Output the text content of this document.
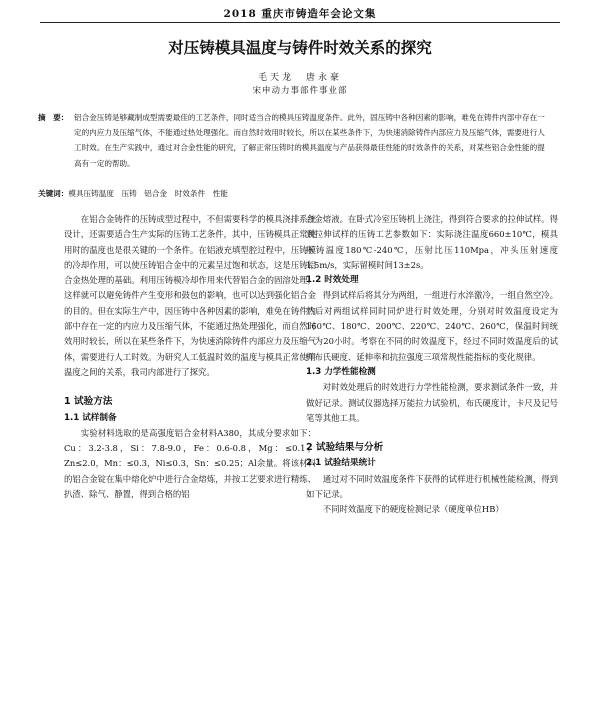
2018 重庆市铸造年会论文集
对压铸模具温度与铸件时效关系的探究
毛天龙　唐永豪
宋申动力事部件事业部

摘　要： 铝合金压铸是够藏制成型需要最佳的工艺条件，同时适当合的模具压铸温度条件。此外，固压铸中各种因素的影响，难免在铸件内部中存在一定的内应力及压缩气体，不能通过热处理强化。而自然时效用时较长，所以在某些条件下，为快速消除铸件内部应力及压缩气体，需要进行人工时效。在生产实践中，通过对合金性能的研究，了解正常压铸时的模具温度与产品获得最佳性能的时效条件的关系，对某些铝合金性能的提高有一定的帮助。

关键词：模具压铸温度　压铸　铝合金　时效条件　性能

在铝合金铸件的压铸成型过程中，不但需要科学的模具浇排系统设计，还需要适合生产实际的压铸工艺条件，其中，压铸模具正常使用时的温度也是很关键的一个条件。在铝液充填型腔过程中，压铸模的冷却作用，可以使压铸铝合金中的元素呈过饱和状态，这是压铸铝合金热处理的基础。利用压铸模冷却作用来代替铝合金的固溶处理，这样就可以避免铸件产生变形和鼓包的影响，也可以达到强化铝合金的目的。但在实际生产中，因压铸中各种因素的影响，难免在铸件内部中存在一定的内应力及压缩气体，不能通过热处理强化，而自然时效用时较长，所以在某些条件下，为快速消除铸件内部应力及压缩气体，需要进行人工时效。为研究人工低温时效的温度与模具正常使用温度之间的关系，我司内部进行了探究。

1 试验方法
1.1 试样制备

实验材料选取的是高强度铝合金材料A380，其成分要求如下：Cu：3.2-3.8，Si：7.8-9.0，Fe：0.6-0.8，Mg：≤0.1，Zn≤2.0，Mn：≤0.3，Ni≤0.3，Sn：≤0.25；Al余量。将该材料的铝合金锭在集中熔化炉中进行合金熔炼，并按工艺要求进行精炼、扒渣、除气、静置，得到合格的铝

合金熔液。在卧式冷室压铸机上浇注，得到符合要求的拉伸试样。得到拉伸试样的压铸工艺参数如下：实际浇注温度660±10℃，模具压铸温度180℃-240℃，压射比压110Mpa，冲头压射速度1.5m/s，实际留模时间13±2s。

1.2 时效处理

得到试样后将其分为两组，一组进行水淬激冷，一组自然空冷。然后对两组试样同时同炉进行时效处理，分别对时效温度设定为160℃、180℃、200℃、220℃、240℃、260℃，保温时间统一为20小时。考察在不同的时效温度下，经过不同时效温度后的试样布氏硬度、延伸率和抗拉强度三项常规性能指标的变化规律。

1.3 力学性能检测

对时效处理后的时效进行力学性能检测，要求测试条件一致，并做好记录。测试仪器选择万能拉力试验机，布氏硬度计，卡尺及记号笔等其他工具。

2 试验结果与分析
2.1 试验结果统计

通过对不同时效温度条件下获得的试样进行机械性能检测，得到如下记录。

不同时效温度下的硬度检测记录（硬度单位HB）
